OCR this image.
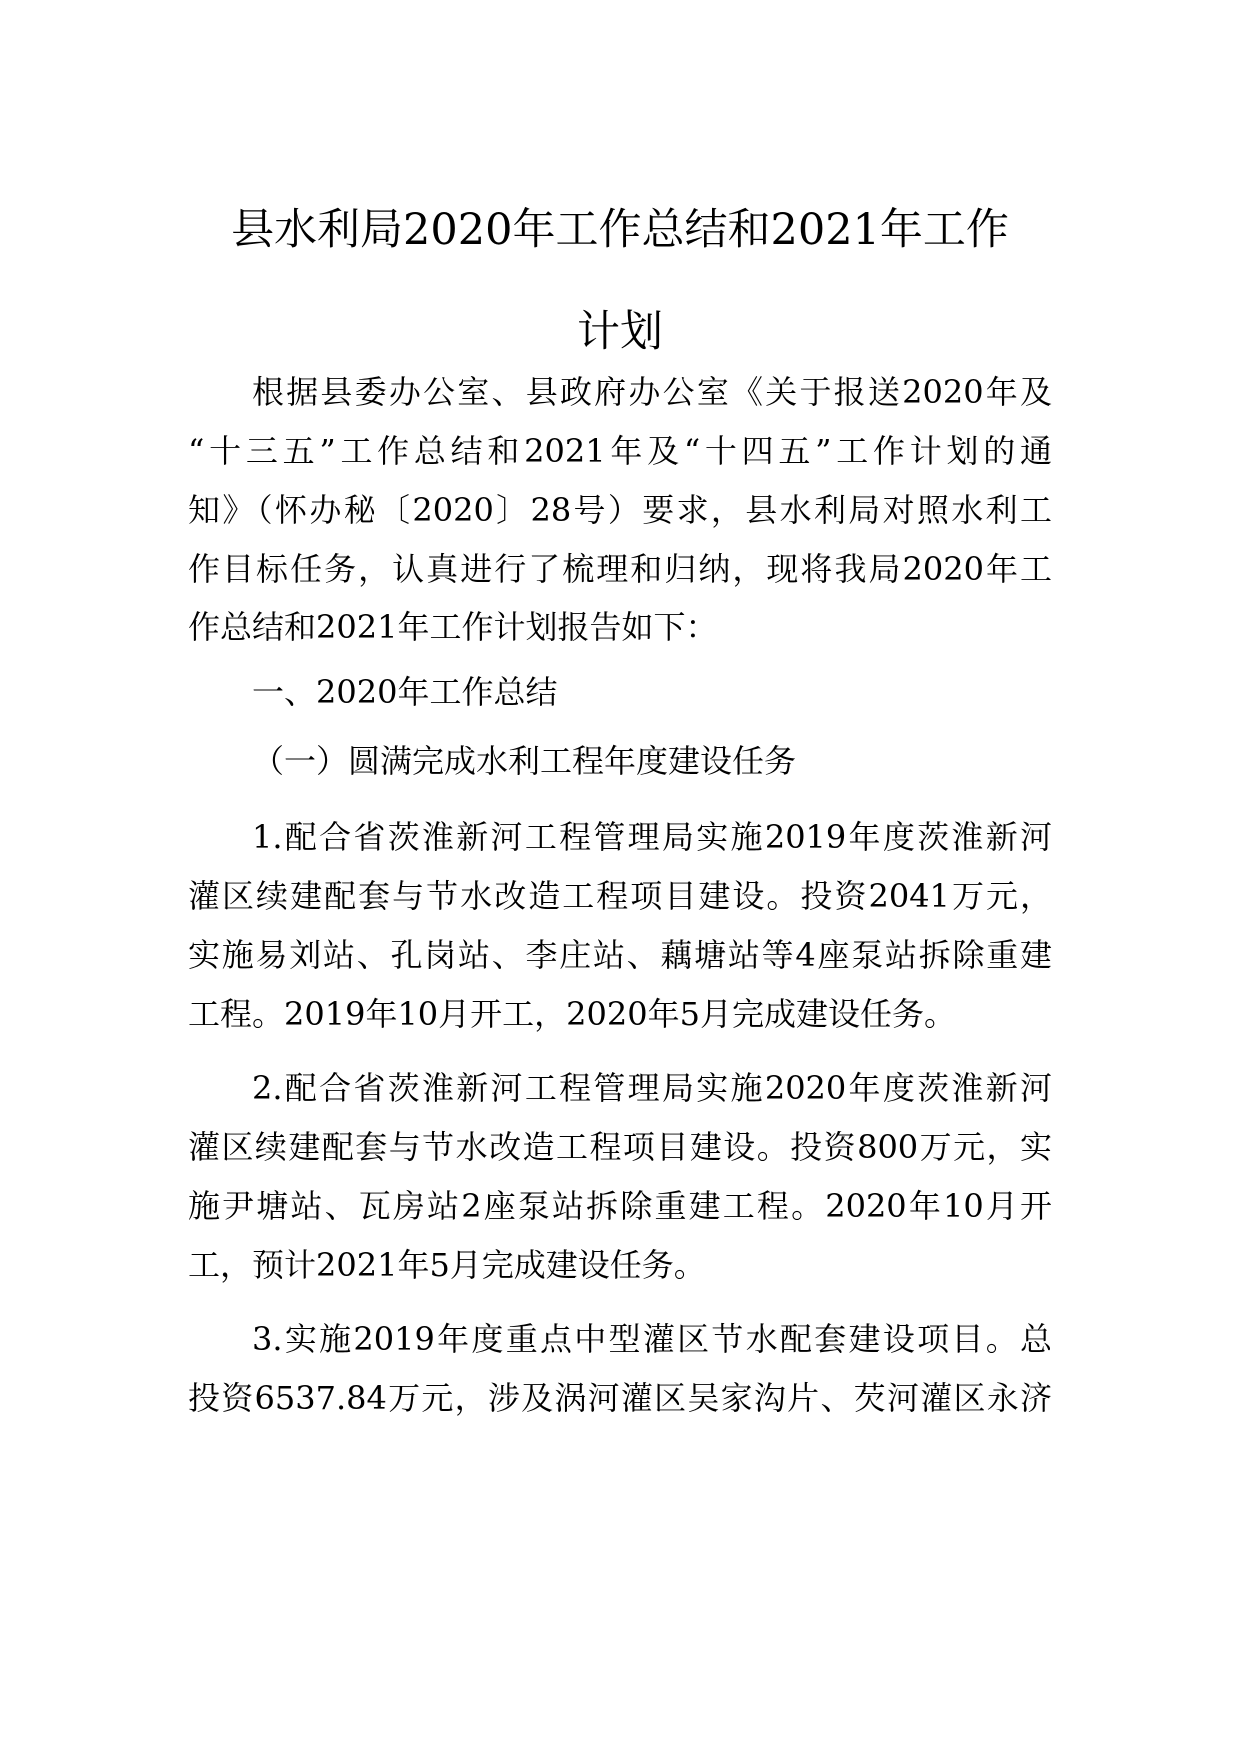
县水利局2020年工作总结和2021年工作
计划

根据县委办公室、县政府办公室《关于报送2020年及

“十三五”工作总结和2021年及“十四五”工作计划的通

知》（怀办秘〔2020〕28号）要求，县水利局对照水利工

作目标任务，认真进行了梳理和归纳，现将我局2020年工

作总结和2021年工作计划报告如下：

一、2020年工作总结

（一）圆满完成水利工程年度建设任务

1.配合省茨淮新河工程管理局实施2019年度茨淮新河

灌区续建配套与节水改造工程项目建设。投资2041万元，

实施易刘站、孔岗站、李庄站、藕塘站等4座泵站拆除重建

工程。2019年10月开工，2020年5月完成建设任务。

2.配合省茨淮新河工程管理局实施2020年度茨淮新河

灌区续建配套与节水改造工程项目建设。投资800万元，实

施尹塘站、瓦房站2座泵站拆除重建工程。2020年10月开

工，预计2021年5月完成建设任务。

3.实施2019年度重点中型灌区节水配套建设项目。总

投资6537.84万元，涉及涡河灌区吴家沟片、芡河灌区永济
